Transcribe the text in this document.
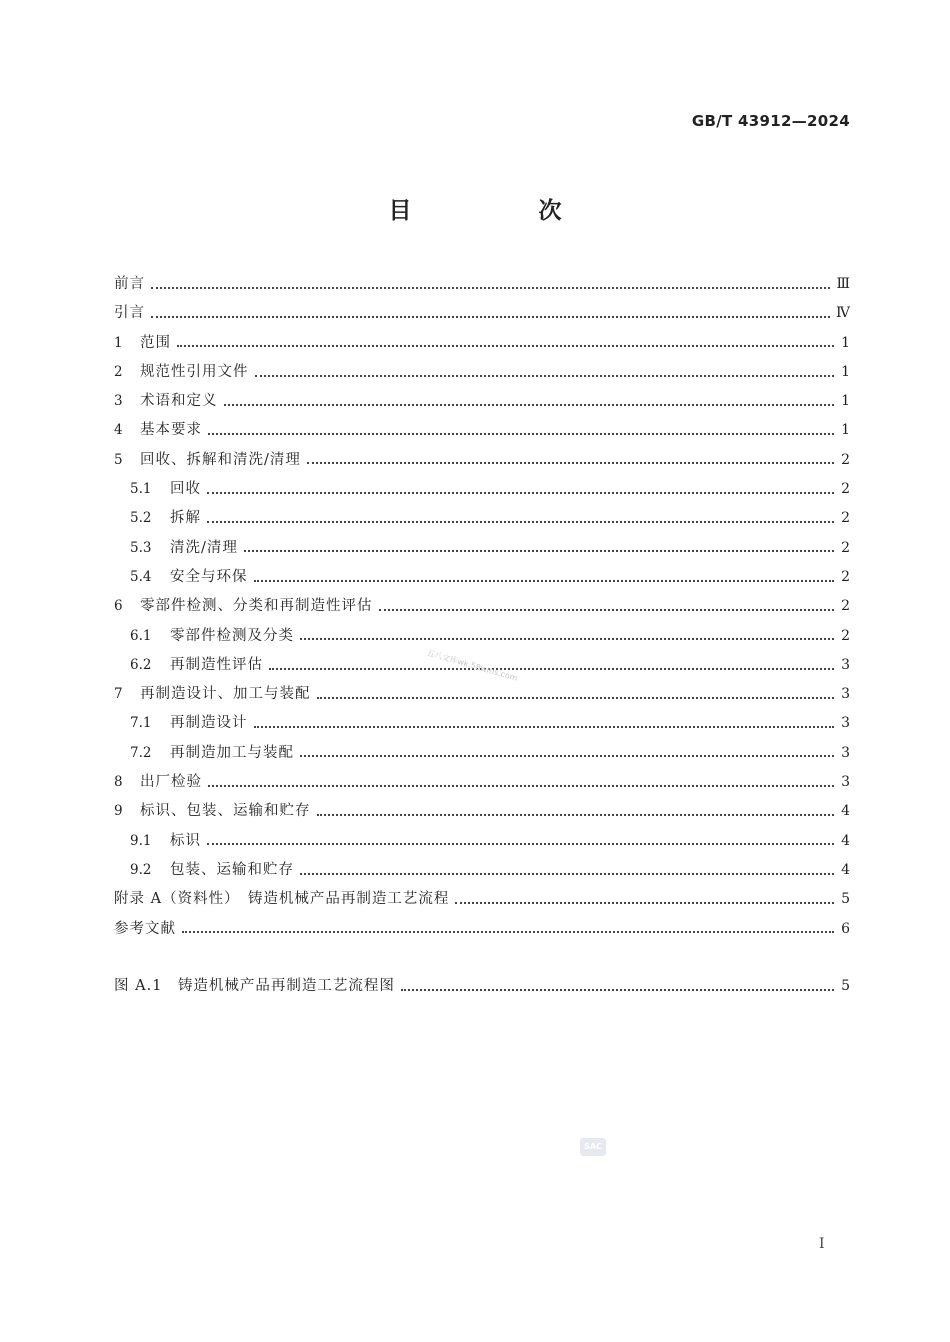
GB/T 43912—2024
目　次
前言	Ⅲ
引言	Ⅳ
1	范围	1
2	规范性引用文件	1
3	术语和定义	1
4	基本要求	1
5	回收、拆解和清洗/清理	2
5.1	回收	2
5.2	拆解	2
5.3	清洗/清理	2
5.4	安全与环保	2
6	零部件检测、分类和再制造性评估	2
6.1	零部件检测及分类	2
6.2	再制造性评估	3
7	再制造设计、加工与装配	3
7.1	再制造设计	3
7.2	再制造加工与装配	3
8	出厂检验	3
9	标识、包装、运输和贮存	4
9.1	标识	4
9.2	包装、运输和贮存	4
附录 A（资料性）　铸造机械产品再制造工艺流程	5
参考文献	6
图 A.1　铸造机械产品再制造工艺流程图	5
五八文库wk.58wms.com
SAC
I
